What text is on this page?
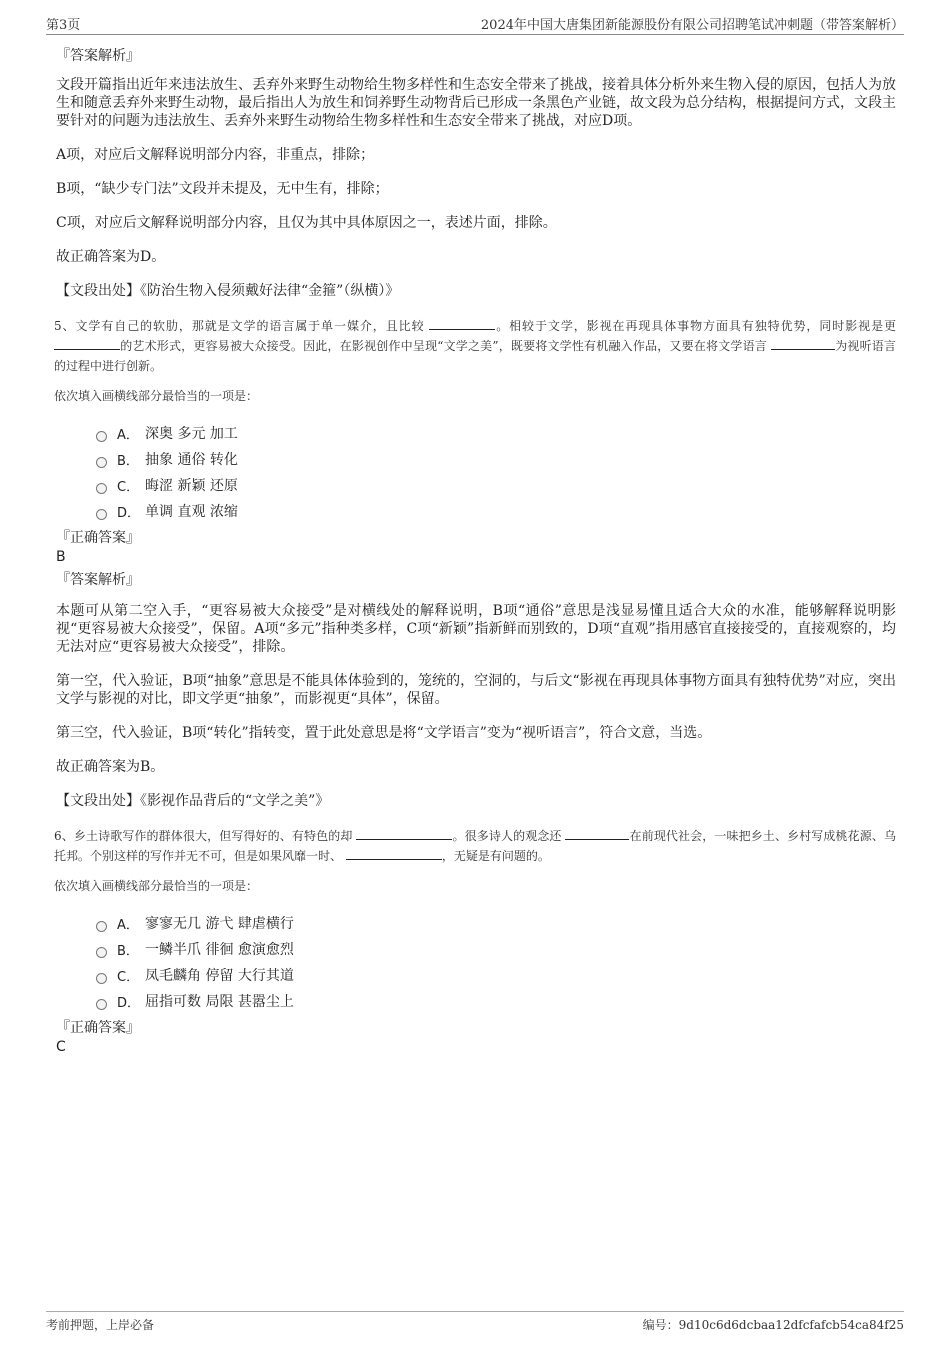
第3页	2024年中国大唐集团新能源股份有限公司招聘笔试冲刺题（带答案解析）
『答案解析』

文段开篇指出近年来违法放生、丢弃外来野生动物给生物多样性和生态安全带来了挑战，接着具体分析外来生物入侵的原因，包括人为放生和随意丢弃外来野生动物，最后指出人为放生和饲养野生动物背后已形成一条黑色产业链，故文段为总分结构，根据提问方式，文段主要针对的问题为违法放生、丢弃外来野生动物给生物多样性和生态安全带来了挑战，对应D项。

A项，对应后文解释说明部分内容，非重点，排除；

B项，“缺少专门法”文段并未提及，无中生有，排除；

C项，对应后文解释说明部分内容，且仅为其中具体原因之一，表述片面，排除。

故正确答案为D。

【文段出处】《防治生物入侵须戴好法律“金箍”（纵横）》

5、文学有自己的软肋，那就是文学的语言属于单一媒介，且比较	。相较于文学，影视在再现具体事物方面具有独特优势，同时影视是更 的艺术形式，更容易被大众接受。因此，在影视创作中呈现“文学之美”，既要将文学性有机融入作品，又要在将文学语言	为视听语言的过程中进行创新。
依次填入画横线部分最恰当的一项是：
A． 深奥 多元 加工
B． 抽象 通俗 转化
C． 晦涩 新颖 还原
D． 单调 直观 浓缩
『正确答案』
B
『答案解析』

本题可从第二空入手，“更容易被大众接受”是对横线处的解释说明，B项“通俗”意思是浅显易懂且适合大众的水准，能够解释说明影视“更容易被大众接受”，保留。A项“多元”指种类多样，C项“新颖”指新鲜而别致的，D项“直观”指用感官直接接受的，直接观察的，均无法对应“更容易被大众接受”，排除。

第一空，代入验证，B项“抽象”意思是不能具体体验到的，笼统的，空洞的，与后文“影视在再现具体事物方面具有独特优势”对应，突出文学与影视的对比，即文学更“抽象”，而影视更“具体”，保留。

第三空，代入验证，B项“转化”指转变，置于此处意思是将“文学语言”变为“视听语言”，符合文意，当选。

故正确答案为B。

【文段出处】《影视作品背后的“文学之美”》

6、乡土诗歌写作的群体很大，但写得好的、有特色的却	。很多诗人的观念还	在前现代社会，一味把乡土、乡村写成桃花源、乌托邦。个别这样的写作并无不可，但是如果风靡一时、	，无疑是有问题的。
依次填入画横线部分最恰当的一项是：
A． 寥寥无几 游弋 肆虐横行
B． 一鳞半爪 徘徊 愈演愈烈
C． 凤毛麟角 停留 大行其道
D． 屈指可数 局限 甚嚣尘上
『正确答案』
C
考前押题，上岸必备	编号：9d10c6d6dcbaa12dfcfafcb54ca84f25
